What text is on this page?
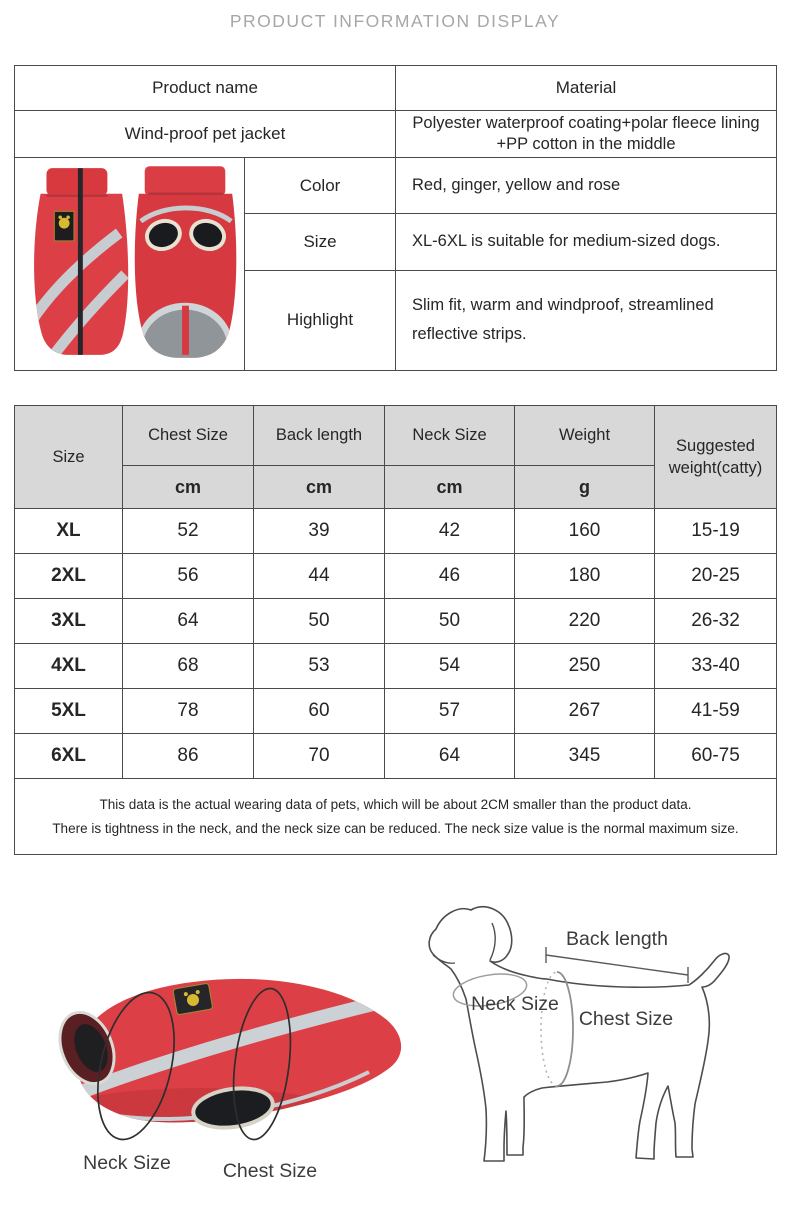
PRODUCT INFORMATION DISPLAY
Product name		Material
Wind-proof pet jacket		Polyester waterproof coating+polar fleece lining +PP cotton in the middle
	Color	Red, ginger, yellow and rose
	Size	XL-6XL is suitable for medium-sized dogs.
	Highlight	Slim fit, warm and windproof, streamlined reflective strips.
Size	Chest Size	Back length	Neck Size	Weight	Suggested weight(catty)
	cm	cm	cm	g	
XL	52	39	42	160	15-19
2XL	56	44	46	180	20-25
3XL	64	50	50	220	26-32
4XL	68	53	54	250	33-40
5XL	78	60	57	267	41-59
6XL	86	70	64	345	60-75

This data is the actual wearing data of pets, which will be about 2CM smaller than the product data.
There is tightness in the neck, and the neck size can be reduced. The neck size value is the normal maximum size.					
Back length
Neck Size
Chest Size
Neck Size	Chest Size
